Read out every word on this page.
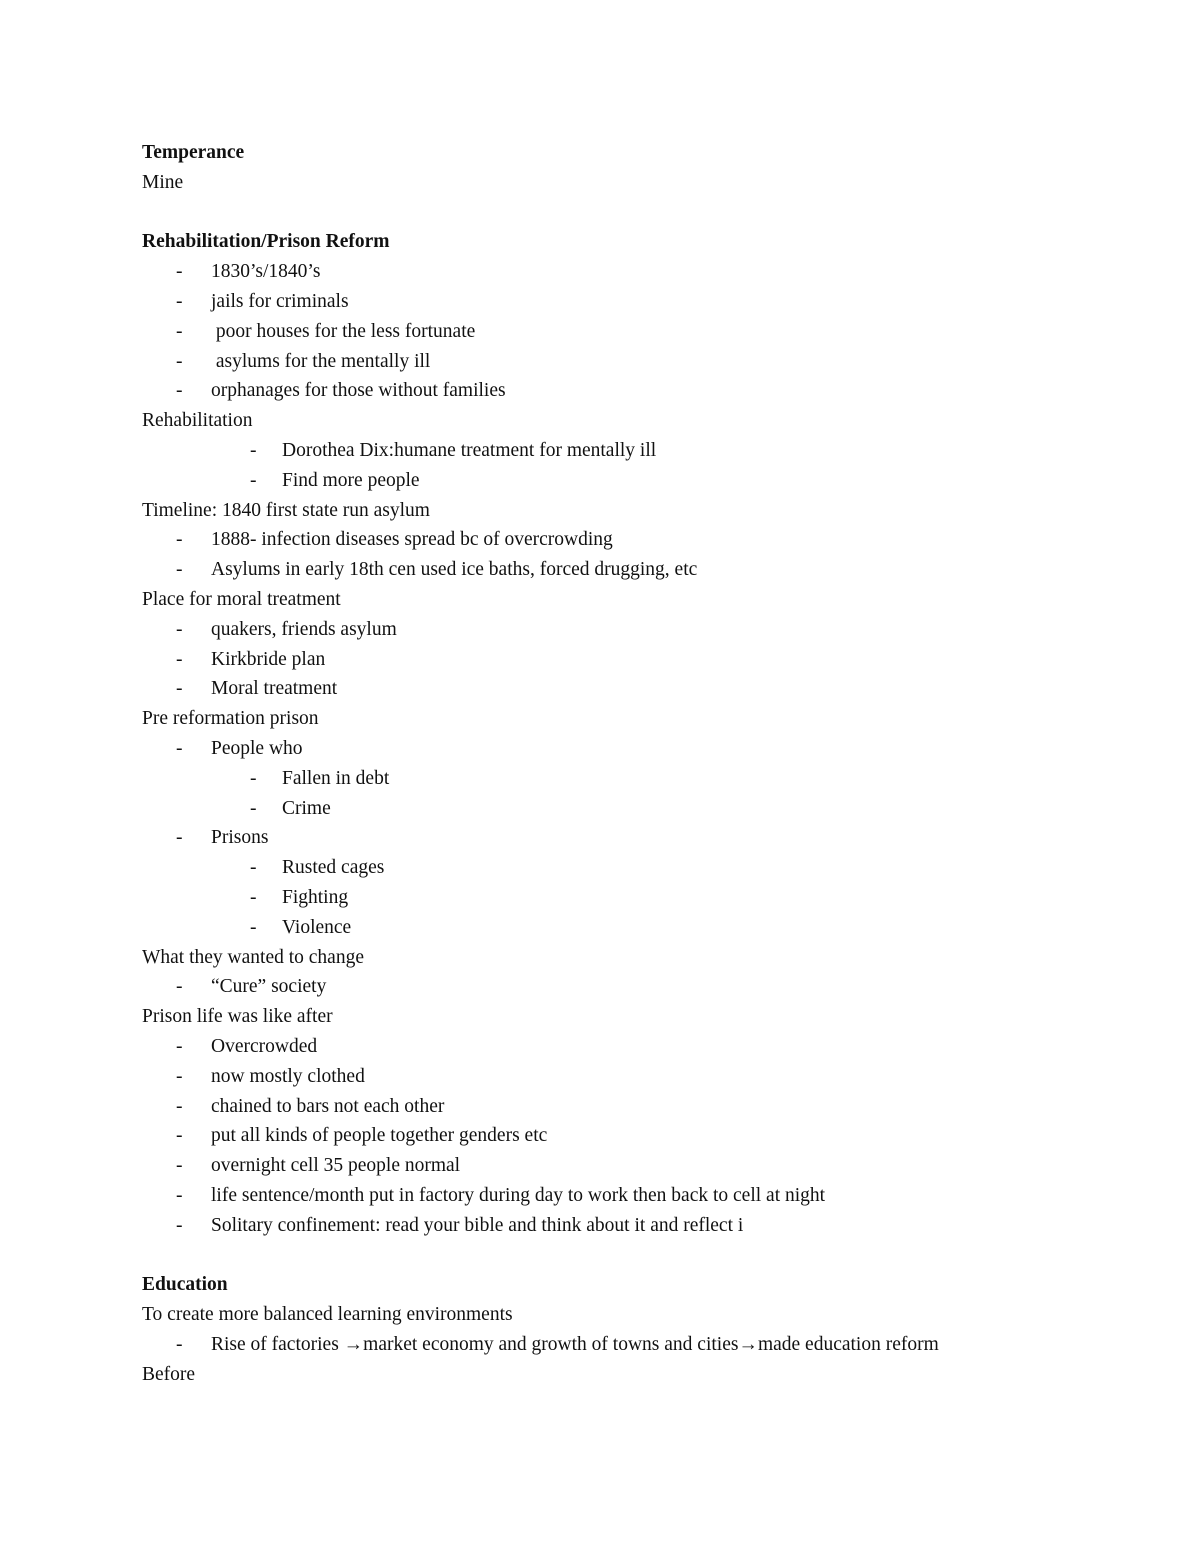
Temperance
Mine
Rehabilitation/Prison Reform
- 1830’s/1840’s
- jails for criminals
- poor houses for the less fortunate
- asylums for the mentally ill
- orphanages for those without families
Rehabilitation
- Dorothea Dix:humane treatment for mentally ill
- Find more people
Timeline: 1840 first state run asylum
- 1888- infection diseases spread bc of overcrowding
- Asylums in early 18th cen used ice baths, forced drugging, etc
Place for moral treatment
- quakers, friends asylum
- Kirkbride plan
- Moral treatment
Pre reformation prison
- People who
- Fallen in debt
- Crime
- Prisons
- Rusted cages
- Fighting
- Violence
What they wanted to change
- “Cure” society
Prison life was like after
- Overcrowded
- now mostly clothed
- chained to bars not each other
- put all kinds of people together genders etc
- overnight cell 35 people normal
- life sentence/month put in factory during day to work then back to cell at night
- Solitary confinement: read your bible and think about it and reflect i
Education
To create more balanced learning environments
- Rise of factories →market economy and growth of towns and cities→made education reform
Before
